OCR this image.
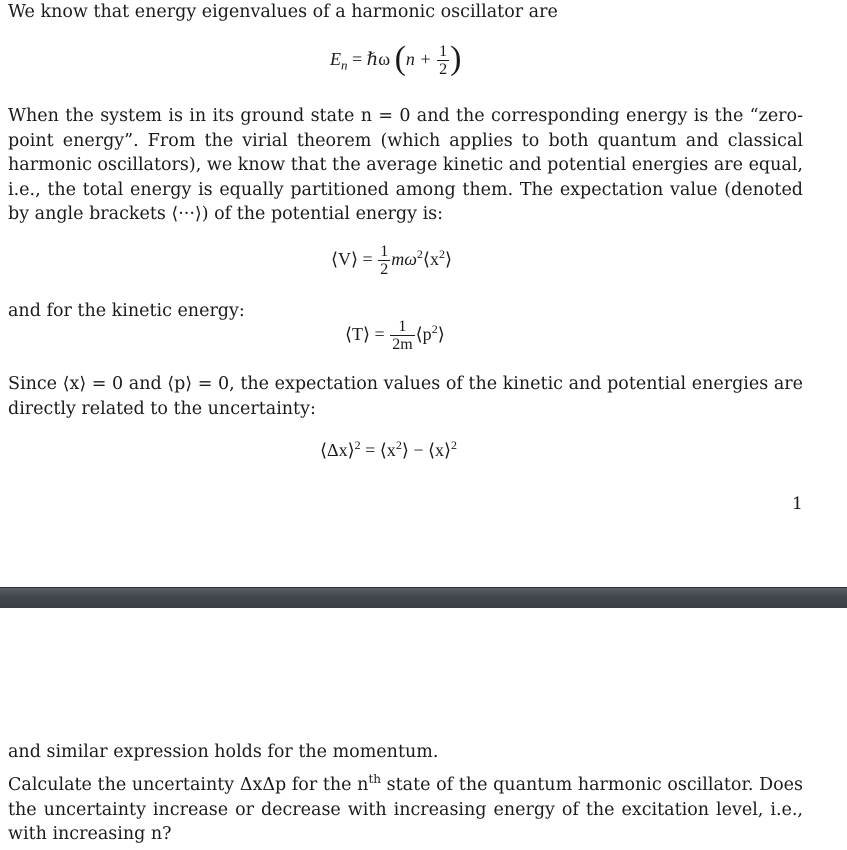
We know that energy eigenvalues of a harmonic oscillator are
$E_n$ = ℏω ($n + \frac{1}{2}$ )
When the system is in its ground state n = 0 and the corresponding energy is the “zero-point energy”. From the virial theorem (which applies to both quantum and classical harmonic oscillators), we know that the average kinetic and potential energies are equal, i.e., the total energy is equally partitioned among them. The expectation value (denoted by angle brackets ⟨···⟩) of the potential energy is:
⟨V⟩ = $\frac{1}{2}$ $m\omega^2⟨x^2⟩$
and for the kinetic energy:
⟨T⟩ = $\frac{1}{2m}$ $⟨p^2⟩$
Since ⟨x⟩ = 0 and ⟨p⟩ = 0, the expectation values of the kinetic and potential energies are directly related to the uncertainty:
⟨Δx⟩$^2$ = $⟨x^2⟩$ − ⟨x⟩$^2$
1
and similar expression holds for the momentum.
Calculate the uncertainty ΔxΔp for the $n^{th}$ state of the quantum harmonic oscillator. Does the uncertainty increase or decrease with increasing energy of the excitation level, i.e., with increasing n?
